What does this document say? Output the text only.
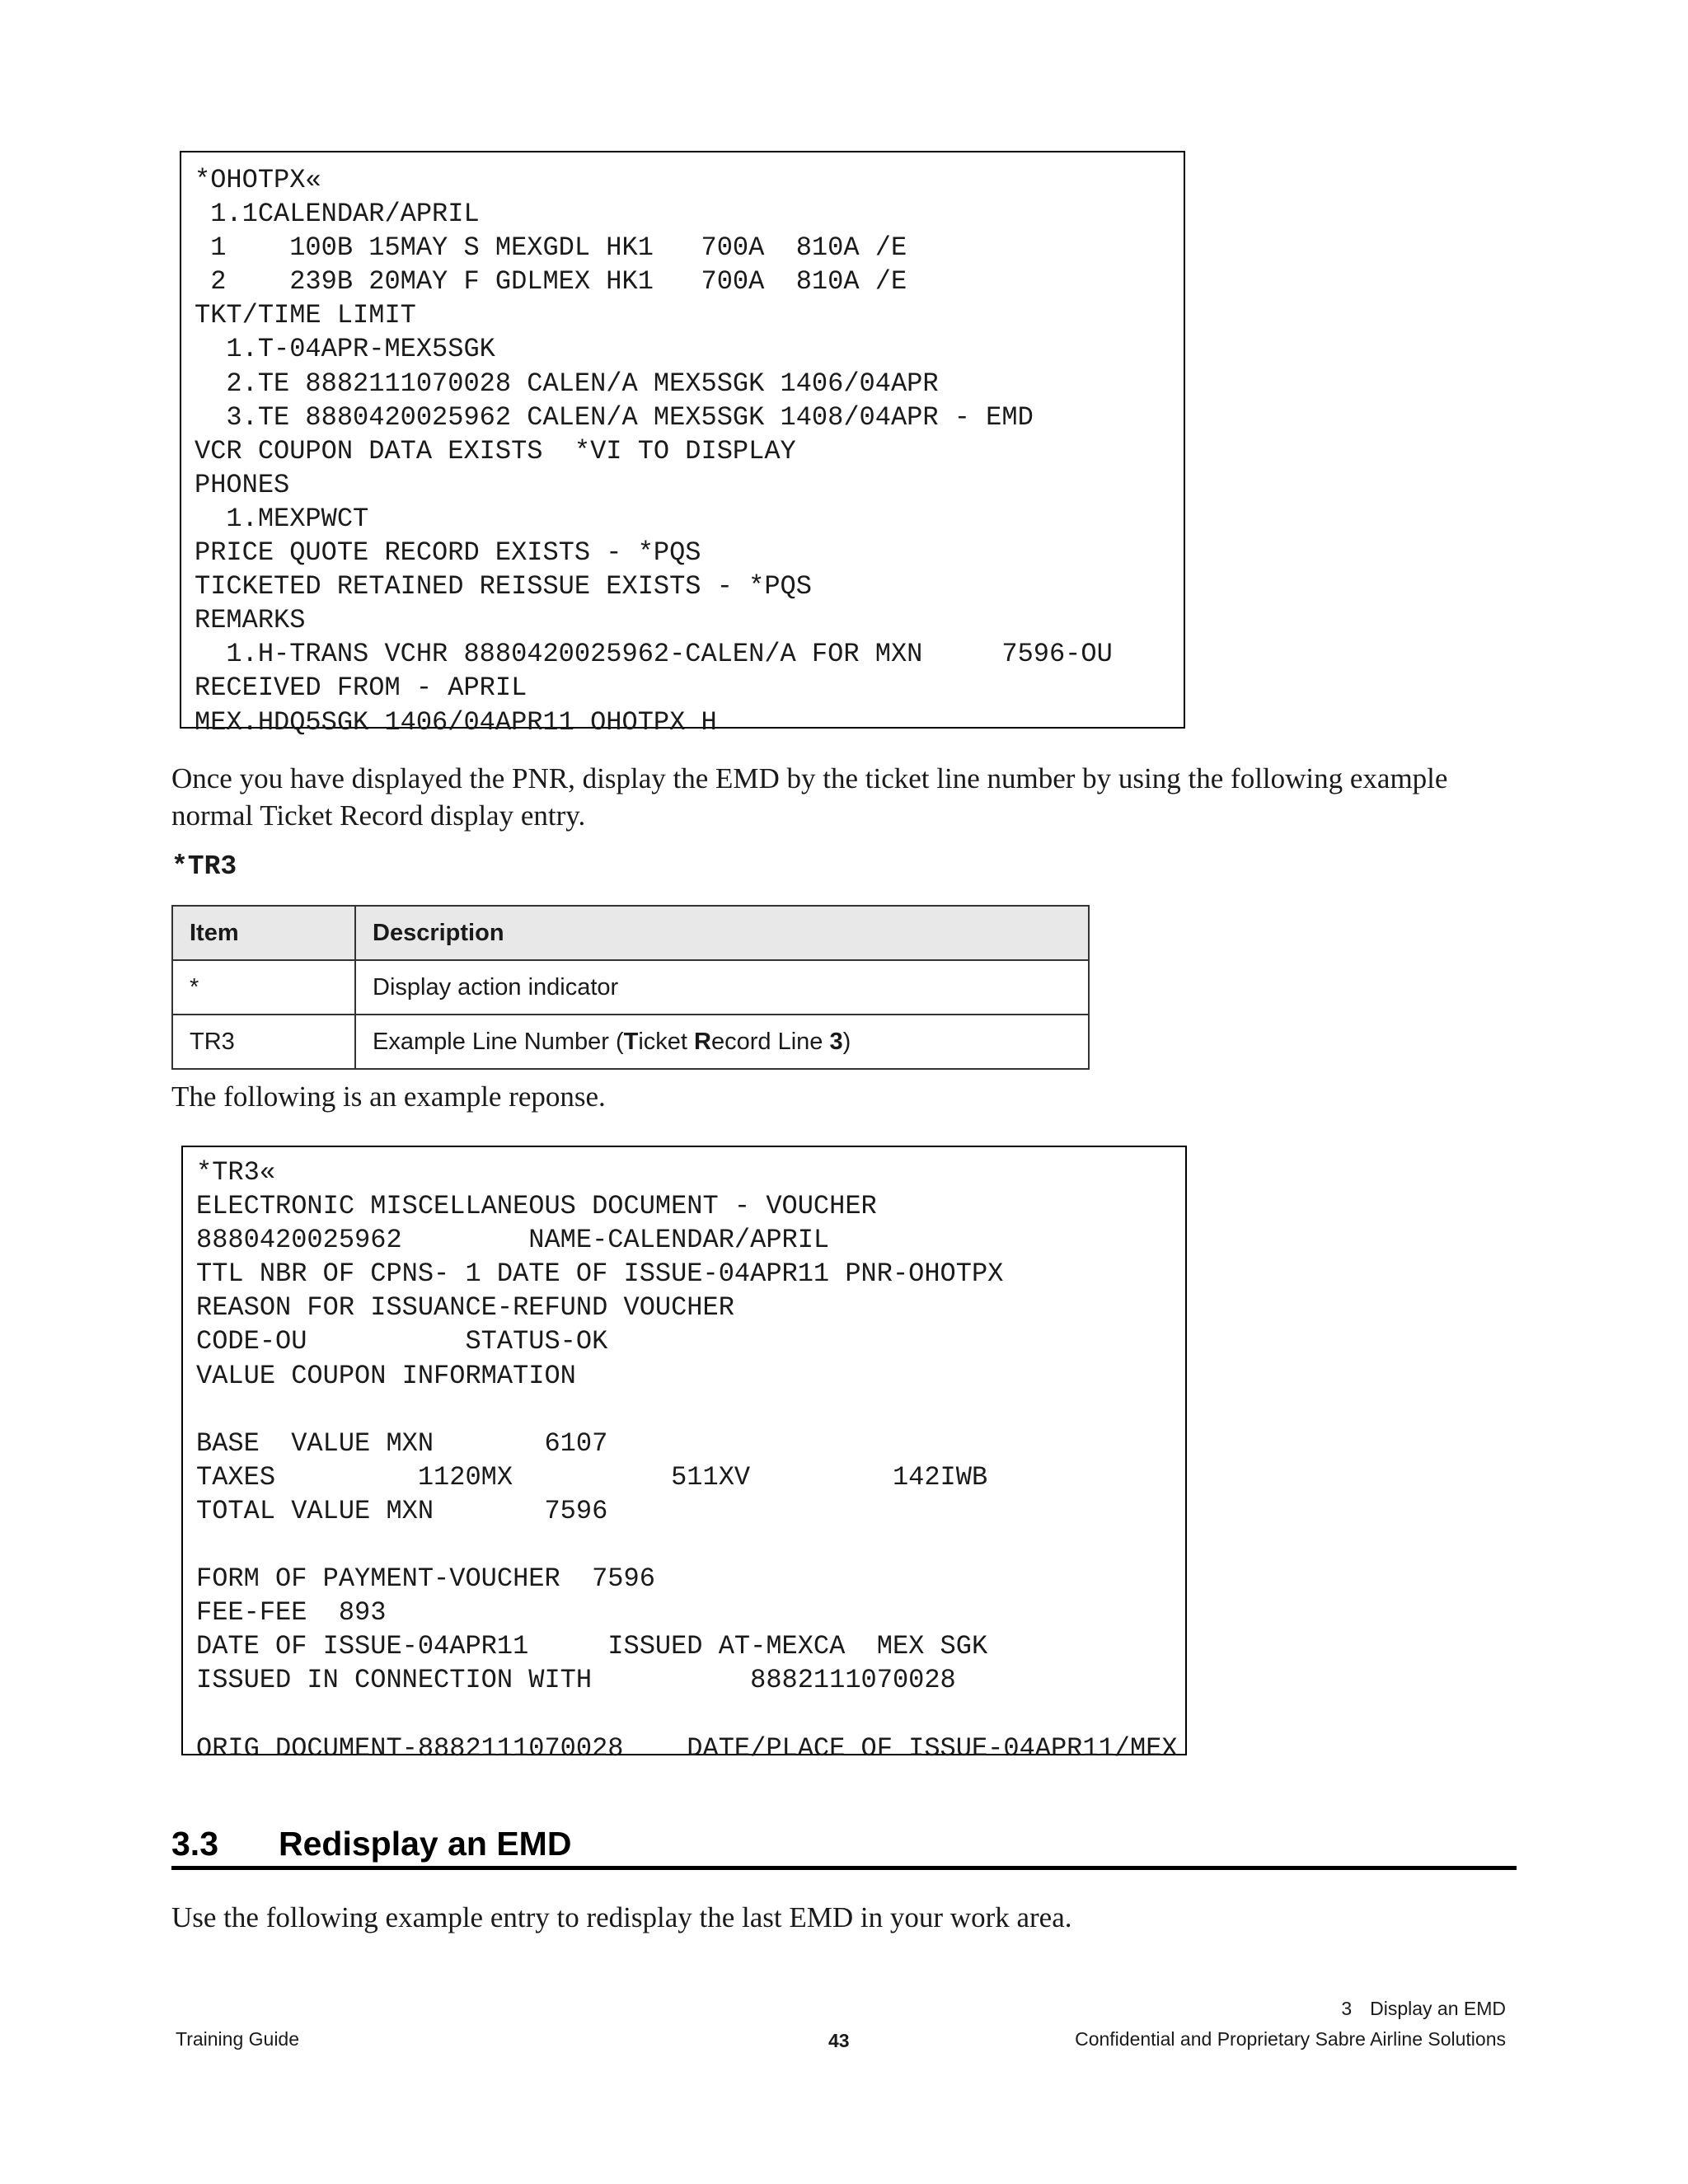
*OHOTPX«
1.1CALENDAR/APRIL
1    100B 15MAY S MEXGDL HK1   700A  810A /E
2    239B 20MAY F GDLMEX HK1   700A  810A /E
TKT/TIME LIMIT
1.T-04APR-MEX5SGK
2.TE 8882111070028 CALEN/A MEX5SGK 1406/04APR
3.TE 8880420025962 CALEN/A MEX5SGK 1408/04APR - EMD
VCR COUPON DATA EXISTS  *VI TO DISPLAY
PHONES
1.MEXPWCT
PRICE QUOTE RECORD EXISTS - *PQS
TICKETED RETAINED REISSUE EXISTS - *PQS
REMARKS
1.H-TRANS VCHR 8880420025962-CALEN/A FOR MXN     7596-OU
RECEIVED FROM - APRIL
MEX.HDQ5SGK 1406/04APR11 OHOTPX H

Once you have displayed the PNR, display the EMD by the ticket line number by using the following example normal Ticket Record display entry.

*TR3
Item	Description
*	Display action indicator
TR3	Example Line Number (Ticket Record Line 3)

The following is an example reponse.

*TR3«
ELECTRONIC MISCELLANEOUS DOCUMENT - VOUCHER
8880420025962        NAME-CALENDAR/APRIL
TTL NBR OF CPNS- 1 DATE OF ISSUE-04APR11 PNR-OHOTPX
REASON FOR ISSUANCE-REFUND VOUCHER
CODE-OU          STATUS-OK
VALUE COUPON INFORMATION

BASE  VALUE MXN       6107
TAXES         1120MX          511XV         142IWB
TOTAL VALUE MXN       7596

FORM OF PAYMENT-VOUCHER  7596
FEE-FEE  893
DATE OF ISSUE-04APR11     ISSUED AT-MEXCA  MEX SGK
ISSUED IN CONNECTION WITH          8882111070028

ORIG DOCUMENT-8882111070028    DATE/PLACE OF ISSUE-04APR11/MEX
3.3 Redisplay an EMD

Use the following example entry to redisplay the last EMD in your work area.

3 Display an EMD
Training Guide	43	Confidential and Proprietary Sabre Airline Solutions
